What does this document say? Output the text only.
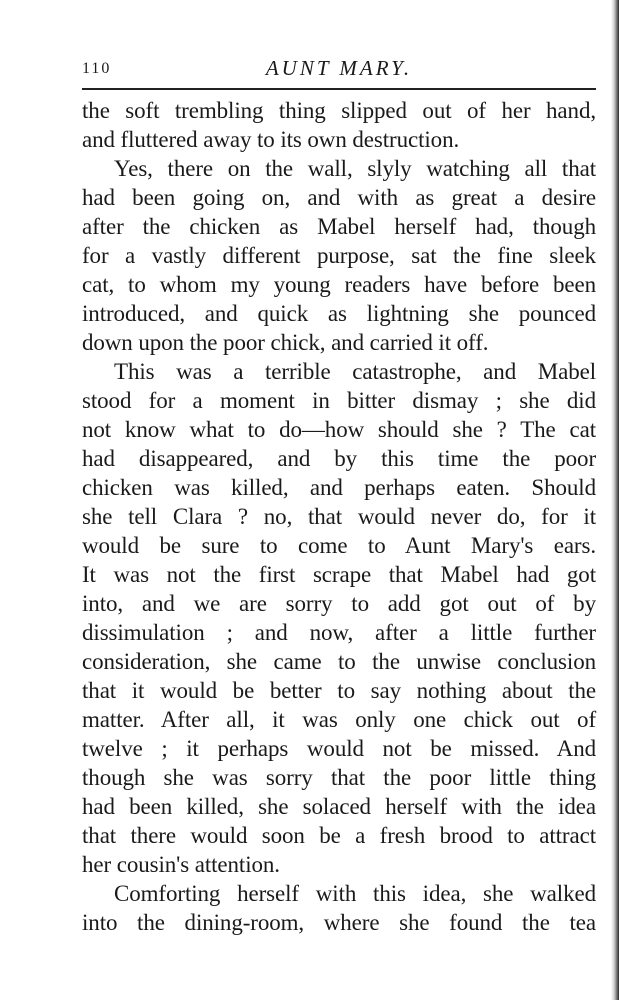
110	AUNT MARY.
the soft trembling thing slipped out of her hand,
and fluttered away to its own destruction.
Yes, there on the wall, slyly watching all that
had been going on, and with as great a desire
after the chicken as Mabel herself had, though
for a vastly different purpose, sat the fine sleek
cat, to whom my young readers have before been
introduced, and quick as lightning she pounced
down upon the poor chick, and carried it off.
This was a terrible catastrophe, and Mabel
stood for a moment in bitter dismay ; she did
not know what to do—how should she ? The cat
had disappeared, and by this time the poor
chicken was killed, and perhaps eaten. Should
she tell Clara ? no, that would never do, for it
would be sure to come to Aunt Mary's ears.
It was not the first scrape that Mabel had got
into, and we are sorry to add got out of by
dissimulation ; and now, after a little further
consideration, she came to the unwise conclusion
that it would be better to say nothing about the
matter. After all, it was only one chick out of
twelve ; it perhaps would not be missed. And
though she was sorry that the poor little thing
had been killed, she solaced herself with the idea
that there would soon be a fresh brood to attract
her cousin's attention.
Comforting herself with this idea, she walked
into the dining-room, where she found the tea
